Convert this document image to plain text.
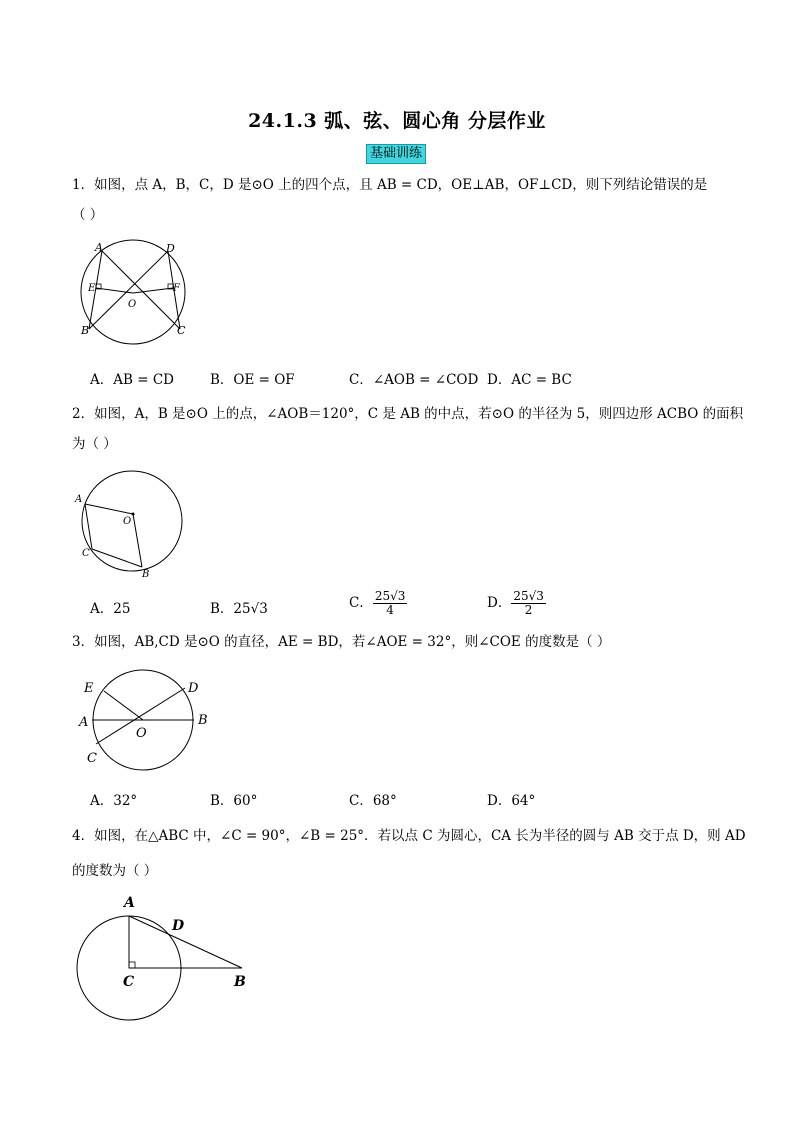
24.1.3 弧、弦、圆心角 分层作业
基础训练
1．如图，点 A，B，C，D 是⊙O 上的四个点，且 AB = CD，OE⊥AB，OF⊥CD，则下列结论错误的是
（ ）
A	D
E	F
O
B	C
A．AB = CD	B．OE = OF	C．∠AOB = ∠COD D．AC = BC
2．如图，A，B 是⊙O 上的点，∠AOB＝120°，C 是 AB 的中点，若⊙O 的半径为 5，则四边形 ACBO 的面积
为（ ）
A
O
C
B
A．25	B．25√3	C． $\frac{25√3}{4}$	D． $\frac{25√3}{2}$
3．如图，AB,CD 是⊙O 的直径，AE = BD，若∠AOE = 32°，则∠COE 的度数是（ ）
E	D
A	B
O
C
A．32°	B．60°	C．68°	D．64°
4．如图，在△ABC 中，∠C = 90°，∠B = 25°．若以点 C 为圆心，CA 长为半径的圆与 AB 交于点 D，则 AD
的度数为（ ）
A
D
C	B
